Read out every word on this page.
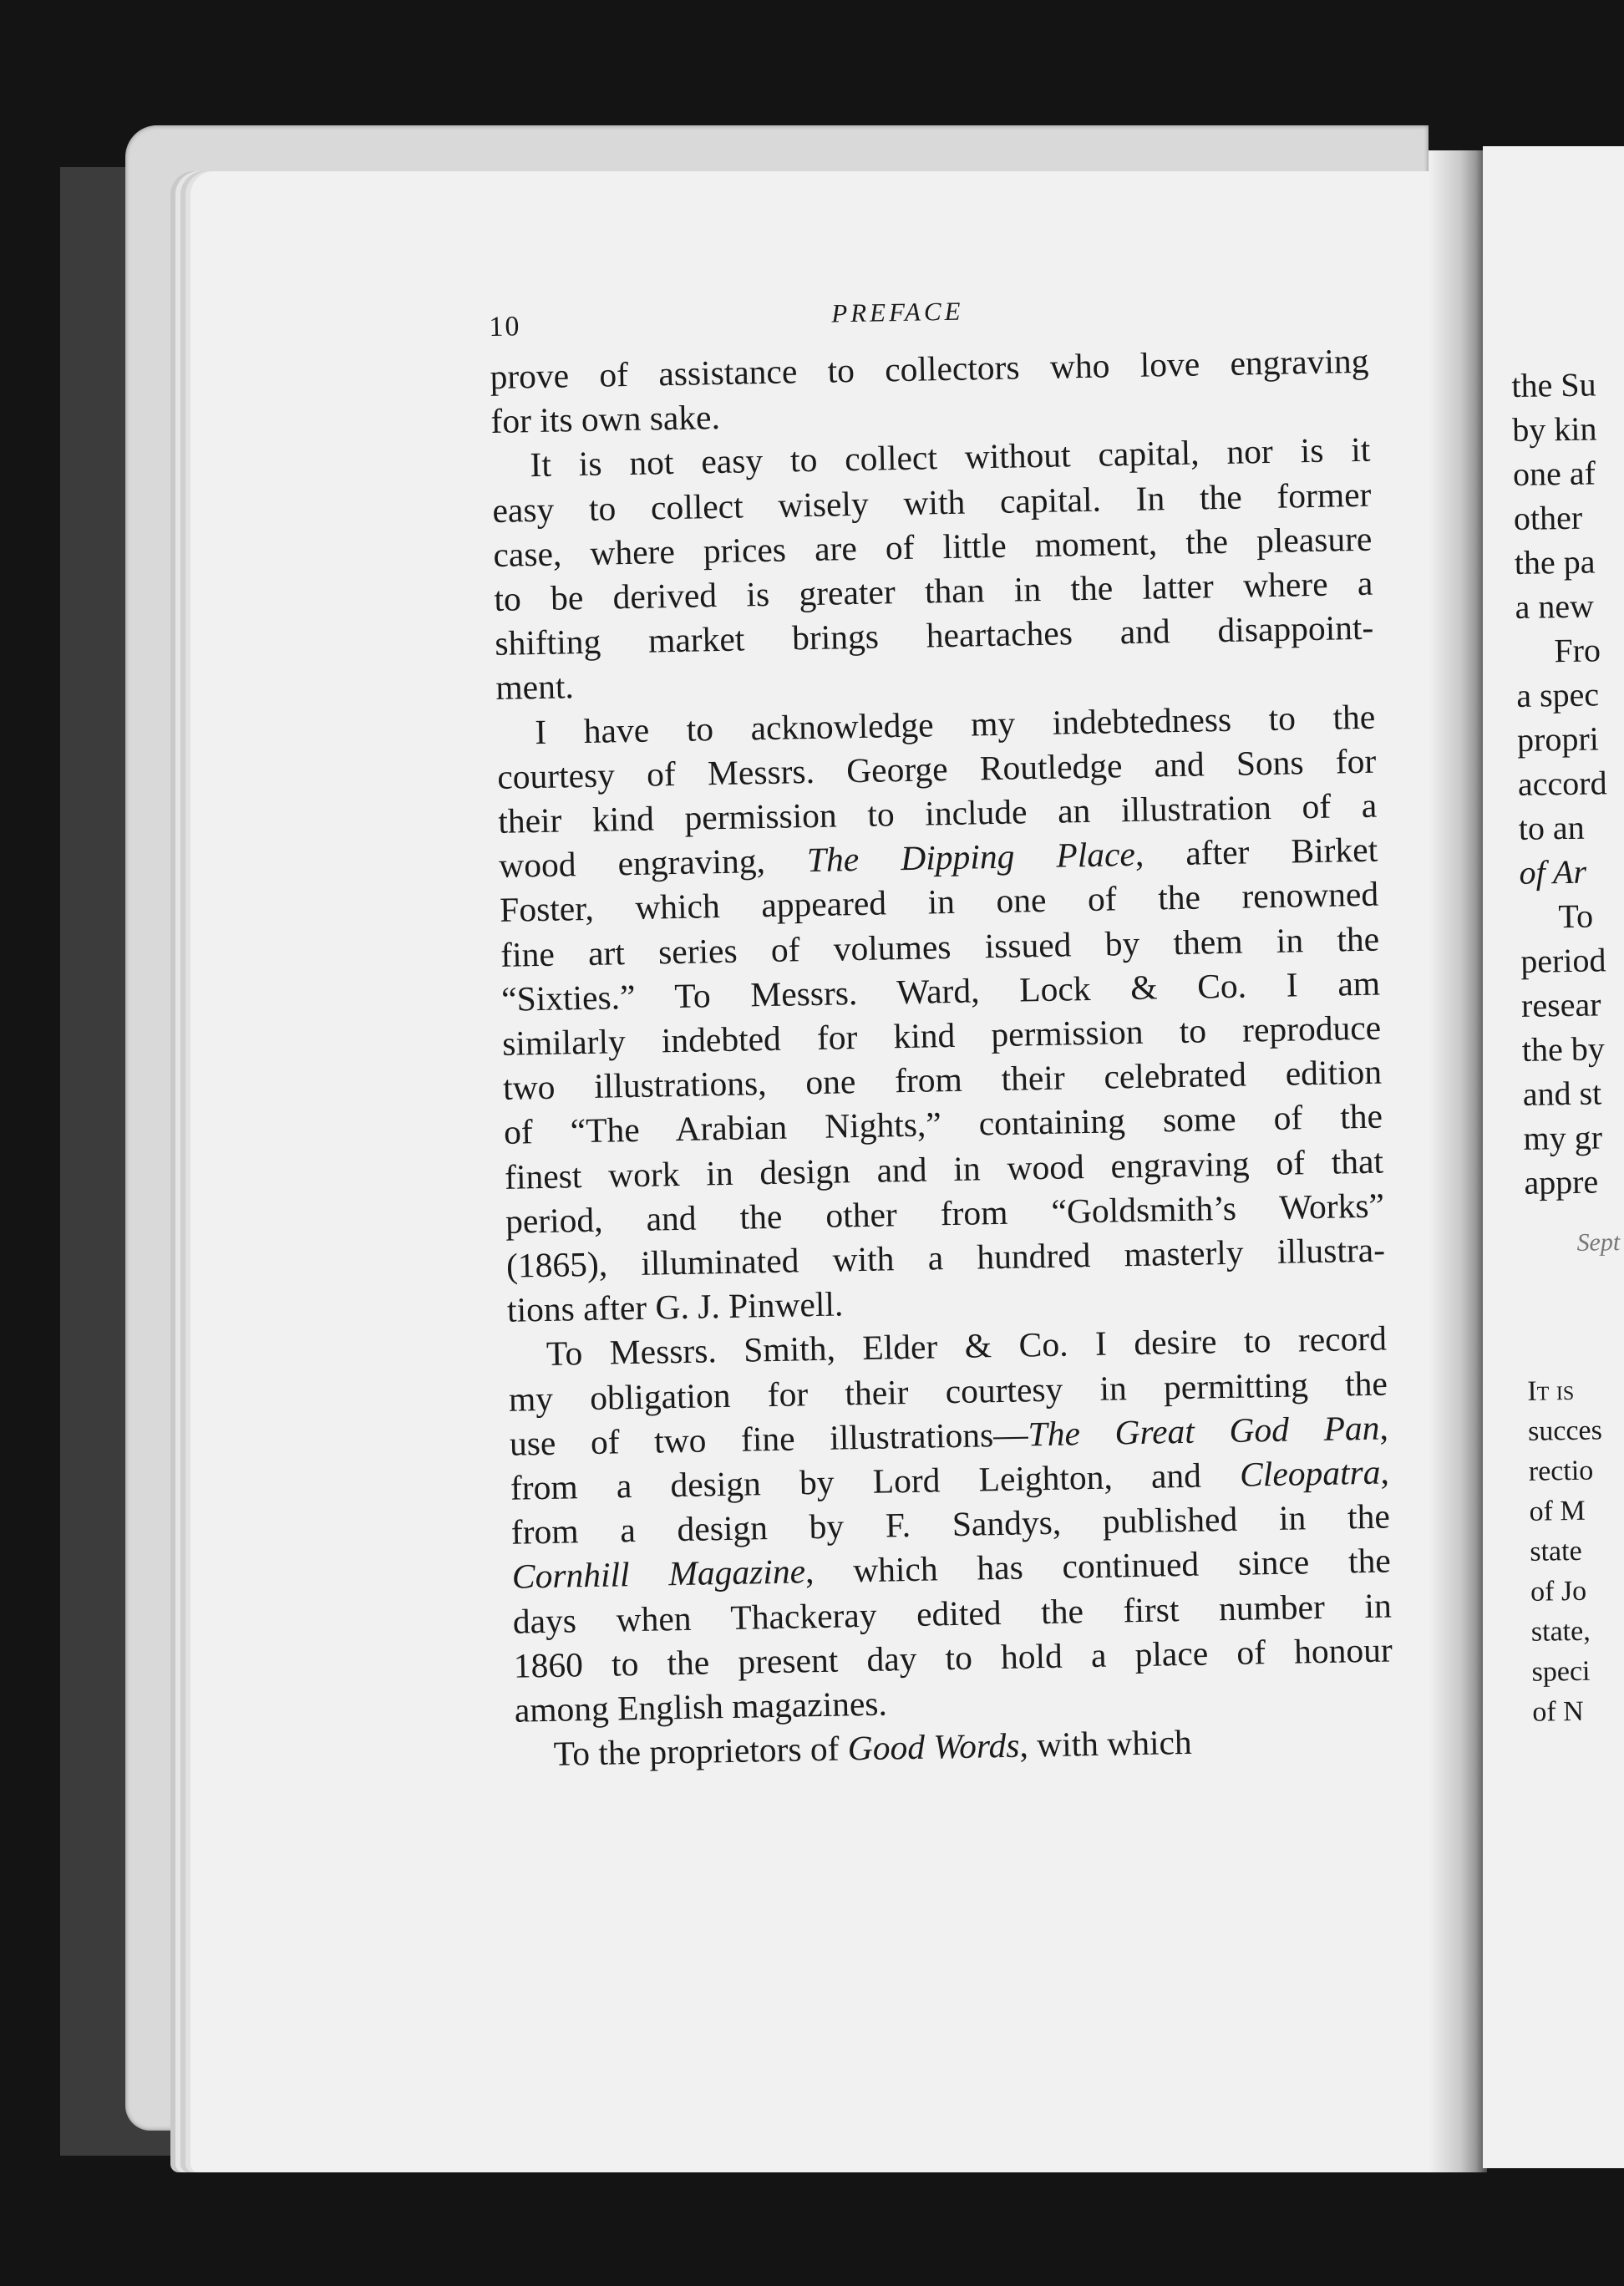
the Su
by kin
one af
other
the pa
a new
Fro
a spec
propri
accord
to an
of Ar
To
period
resear
the by
and st
my gr
appre
Sept
It is
succes
rectio
of M
state
of Jo
state,
speci
of N
10	PREFACE

prove of assistance to collectors who love engraving

for its own sake.

It is not easy to collect without capital, nor is it

easy to collect wisely with capital. In the former

case, where prices are of little moment, the pleasure

to be derived is greater than in the latter where a

shifting market brings heartaches and disappoint-

ment.

I have to acknowledge my indebtedness to the

courtesy of Messrs. George Routledge and Sons for

their kind permission to include an illustration of a

wood engraving, The Dipping Place, after Birket

Foster, which appeared in one of the renowned

fine art series of volumes issued by them in the

“Sixties.” To Messrs. Ward, Lock & Co. I am

similarly indebted for kind permission to reproduce

two illustrations, one from their celebrated edition

of “The Arabian Nights,” containing some of the

finest work in design and in wood engraving of that

period, and the other from “Goldsmith’s Works”

(1865), illuminated with a hundred masterly illustra-

tions after G. J. Pinwell.

To Messrs. Smith, Elder & Co. I desire to record

my obligation for their courtesy in permitting the

use of two fine illustrations—The Great God Pan,

from a design by Lord Leighton, and Cleopatra,

from a design by F. Sandys, published in the

Cornhill Magazine, which has continued since the

days when Thackeray edited the first number in

1860 to the present day to hold a place of honour

among English magazines.

To the proprietors of Good Words, with which
